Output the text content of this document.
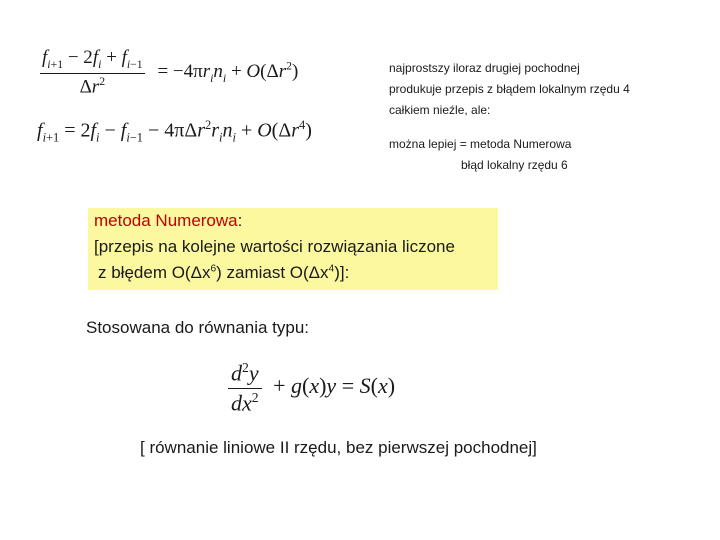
$\frac{f_{i+1} - 2f_i + f_{i-1}}{\Delta r^2} = -4\pi r_in_i + O(\Delta r^2)$
$f_{i+1} = 2f_i - f_{i-1} - 4\pi\Delta r^2r_in_i + O(\Delta r^4)$
najprostszy iloraz drugiej pochodnej
produkuje przepis z błądem lokalnym rzędu 4
całkiem nieźle, ale:
można lepiej = metoda Numerowa
błąd lokalny rzędu 6
metoda Numerowa:
[przepis na kolejne wartości rozwiązania liczone
z błędem $O(\Delta x^6)$ zamiast $O(\Delta x^4)$]:
Stosowana do równania typu:
$\frac{d^2y}{dx^2} + g(x)y = S(x)$
[ równanie liniowe II rzędu, bez pierwszej pochodnej]
